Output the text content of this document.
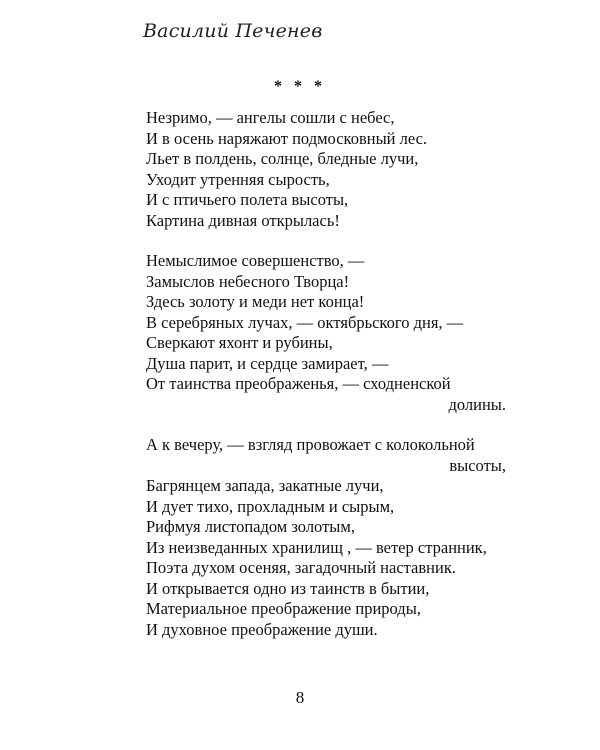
Василий Печенев
* * *
Незримо, — ангелы сошли с небес,
И в осень наряжают подмосковный лес.
Льет в полдень, солнце, бледные лучи,
Уходит утренняя сырость,
И с птичьего полета высоты,
Картина дивная открылась!
Немыслимое совершенство, —
Замыслов небесного Творца!
Здесь золоту и меди нет конца!
В серебряных лучах, — октябрьского дня, —
Сверкают яхонт и рубины,
Душа парит, и сердце замирает, —
От таинства преображенья, — сходненской
долины.
А к вечеру, — взгляд провожает с колокольной
высоты,
Багрянцем запада, закатные лучи,
И дует тихо, прохладным и сырым,
Рифмуя листопадом золотым,
Из неизведанных хранилищ , — ветер странник,
Поэта духом осеняя, загадочный наставник.
И открывается одно из таинств в бытии,
Материальное преображение природы,
И духовное преображение души.
8
